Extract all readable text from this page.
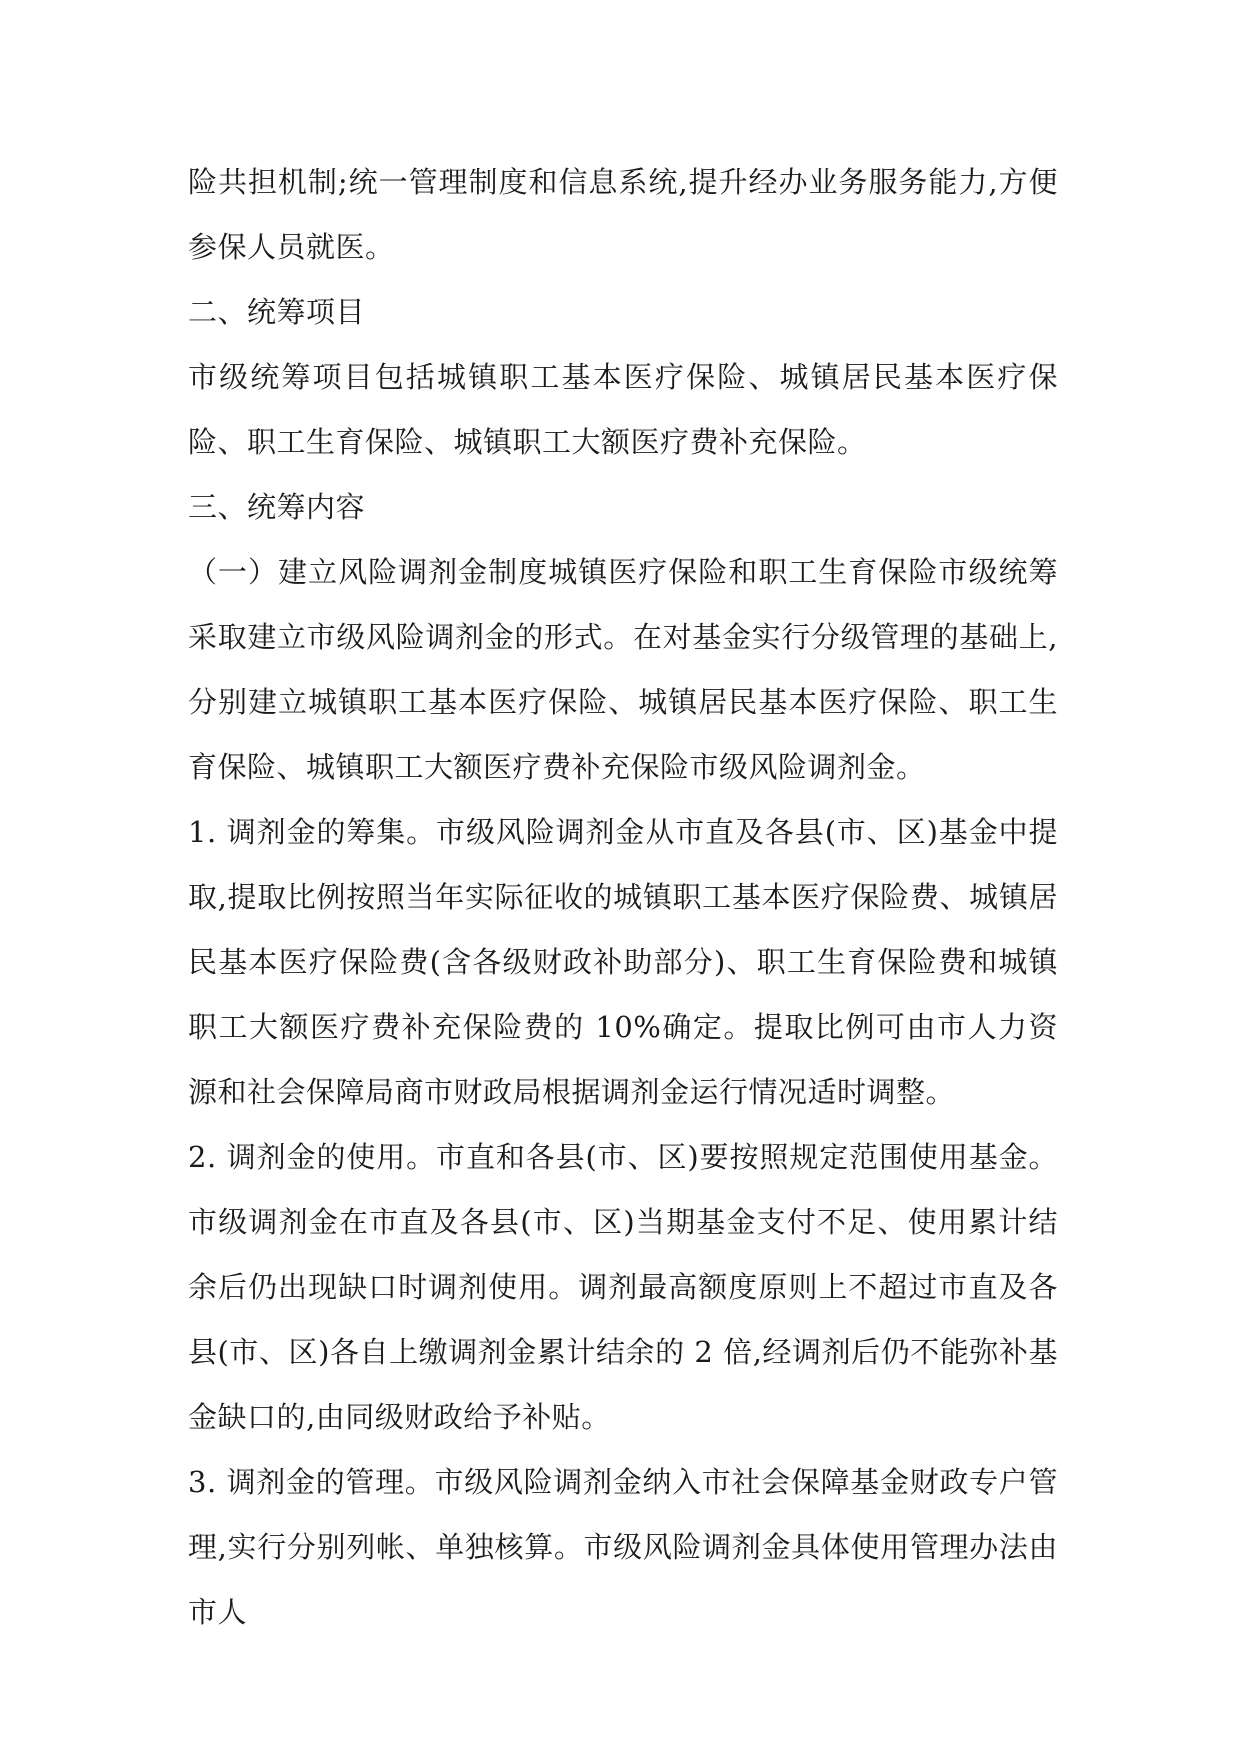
险共担机制;统一管理制度和信息系统,提升经办业务服务能力,方便参保人员就医。

二、统筹项目

市级统筹项目包括城镇职工基本医疗保险、城镇居民基本医疗保险、职工生育保险、城镇职工大额医疗费补充保险。

三、统筹内容

（一）建立风险调剂金制度城镇医疗保险和职工生育保险市级统筹采取建立市级风险调剂金的形式。在对基金实行分级管理的基础上,分别建立城镇职工基本医疗保险、城镇居民基本医疗保险、职工生育保险、城镇职工大额医疗费补充保险市级风险调剂金。

1. 调剂金的筹集。市级风险调剂金从市直及各县(市、区)基金中提取,提取比例按照当年实际征收的城镇职工基本医疗保险费、城镇居民基本医疗保险费(含各级财政补助部分)、职工生育保险费和城镇职工大额医疗费补充保险费的 10%确定。提取比例可由市人力资源和社会保障局商市财政局根据调剂金运行情况适时调整。

2. 调剂金的使用。市直和各县(市、区)要按照规定范围使用基金。市级调剂金在市直及各县(市、区)当期基金支付不足、使用累计结余后仍出现缺口时调剂使用。调剂最高额度原则上不超过市直及各县(市、区)各自上缴调剂金累计结余的 2 倍,经调剂后仍不能弥补基金缺口的,由同级财政给予补贴。

3. 调剂金的管理。市级风险调剂金纳入市社会保障基金财政专户管理,实行分别列帐、单独核算。市级风险调剂金具体使用管理办法由市人
